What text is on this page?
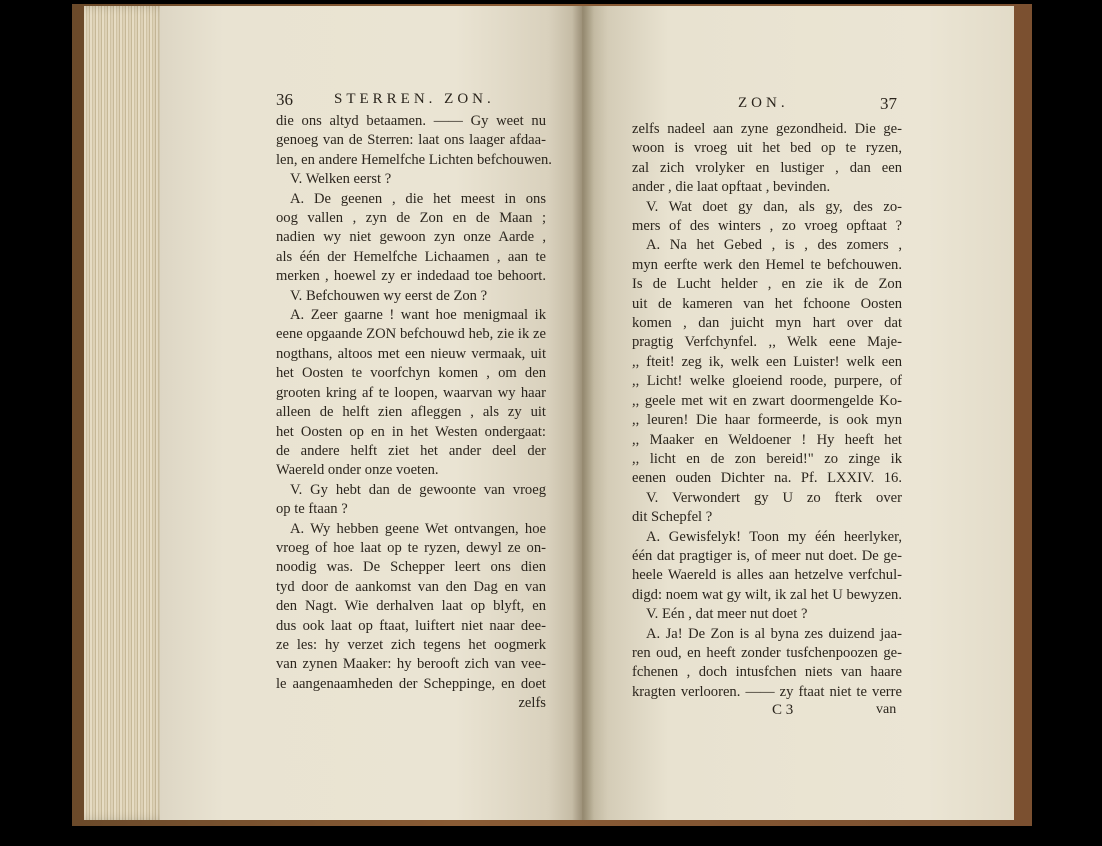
36	STERREN. ZON.	ZON.	37
die ons altyd betaamen. —— Gy weet nu
genoeg van de Sterren: laat ons laager afdaa-
len, en andere Hemelfche Lichten befchouwen.
V. Welken eerst ?
A. De geenen , die het meest in ons
oog vallen , zyn de Zon en de Maan ;
nadien wy niet gewoon zyn onze Aarde ,
als één der Hemelfche Lichaamen , aan te
merken , hoewel zy er indedaad toe behoort.
V. Befchouwen wy eerst de Zon ?
A. Zeer gaarne ! want hoe menigmaal ik
eene opgaande ZON befchouwd heb, zie ik ze
nogthans, altoos met een nieuw vermaak, uit
het Oosten te voorfchyn komen , om den
grooten kring af te loopen, waarvan wy haar
alleen de helft zien afleggen , als zy uit
het Oosten op en in het Westen ondergaat:
de andere helft ziet het ander deel der
Waereld onder onze voeten.
V. Gy hebt dan de gewoonte van vroeg
op te ftaan ?
A. Wy hebben geene Wet ontvangen, hoe
vroeg of hoe laat op te ryzen, dewyl ze on-
noodig was. De Schepper leert ons dien
tyd door de aankomst van den Dag en van
den Nagt. Wie derhalven laat op blyft, en
dus ook laat op ftaat, luiftert niet naar dee-
ze les: hy verzet zich tegens het oogmerk
van zynen Maaker: hy berooft zich van vee-
le aangenaamheden der Scheppinge, en doet
zelfs
zelfs nadeel aan zyne gezondheid. Die ge-
woon is vroeg uit het bed op te ryzen,
zal zich vrolyker en lustiger , dan een
ander , die laat opftaat , bevinden.
V. Wat doet gy dan, als gy, des zo-
mers of des winters , zo vroeg opftaat ?
A. Na het Gebed , is , des zomers ,
myn eerfte werk den Hemel te befchouwen.
Is de Lucht helder , en zie ik de Zon
uit de kameren van het fchoone Oosten
komen , dan juicht myn hart over dat
pragtig Verfchynfel. ,, Welk eene Maje-
,, fteit! zeg ik, welk een Luister! welk een
,, Licht! welke gloeiend roode, purpere, of
,, geele met wit en zwart doormengelde Ko-
,, leuren! Die haar formeerde, is ook myn
,, Maaker en Weldoener ! Hy heeft het
,, licht en de zon bereid!" zo zinge ik
eenen ouden Dichter na. Pf. LXXIV. 16.
V. Verwondert gy U zo fterk over
dit Schepfel ?
A. Gewisfelyk! Toon my één heerlyker,
één dat pragtiger is, of meer nut doet. De ge-
heele Waereld is alles aan hetzelve verfchul-
digd: noem wat gy wilt, ik zal het U bewyzen.
V. Eén , dat meer nut doet ?
A. Ja! De Zon is al byna zes duizend jaa-
ren oud, en heeft zonder tusfchenpoozen ge-
fchenen , doch intusfchen niets van haare
kragten verlooren. —— zy ftaat niet te verre
C 3	van
